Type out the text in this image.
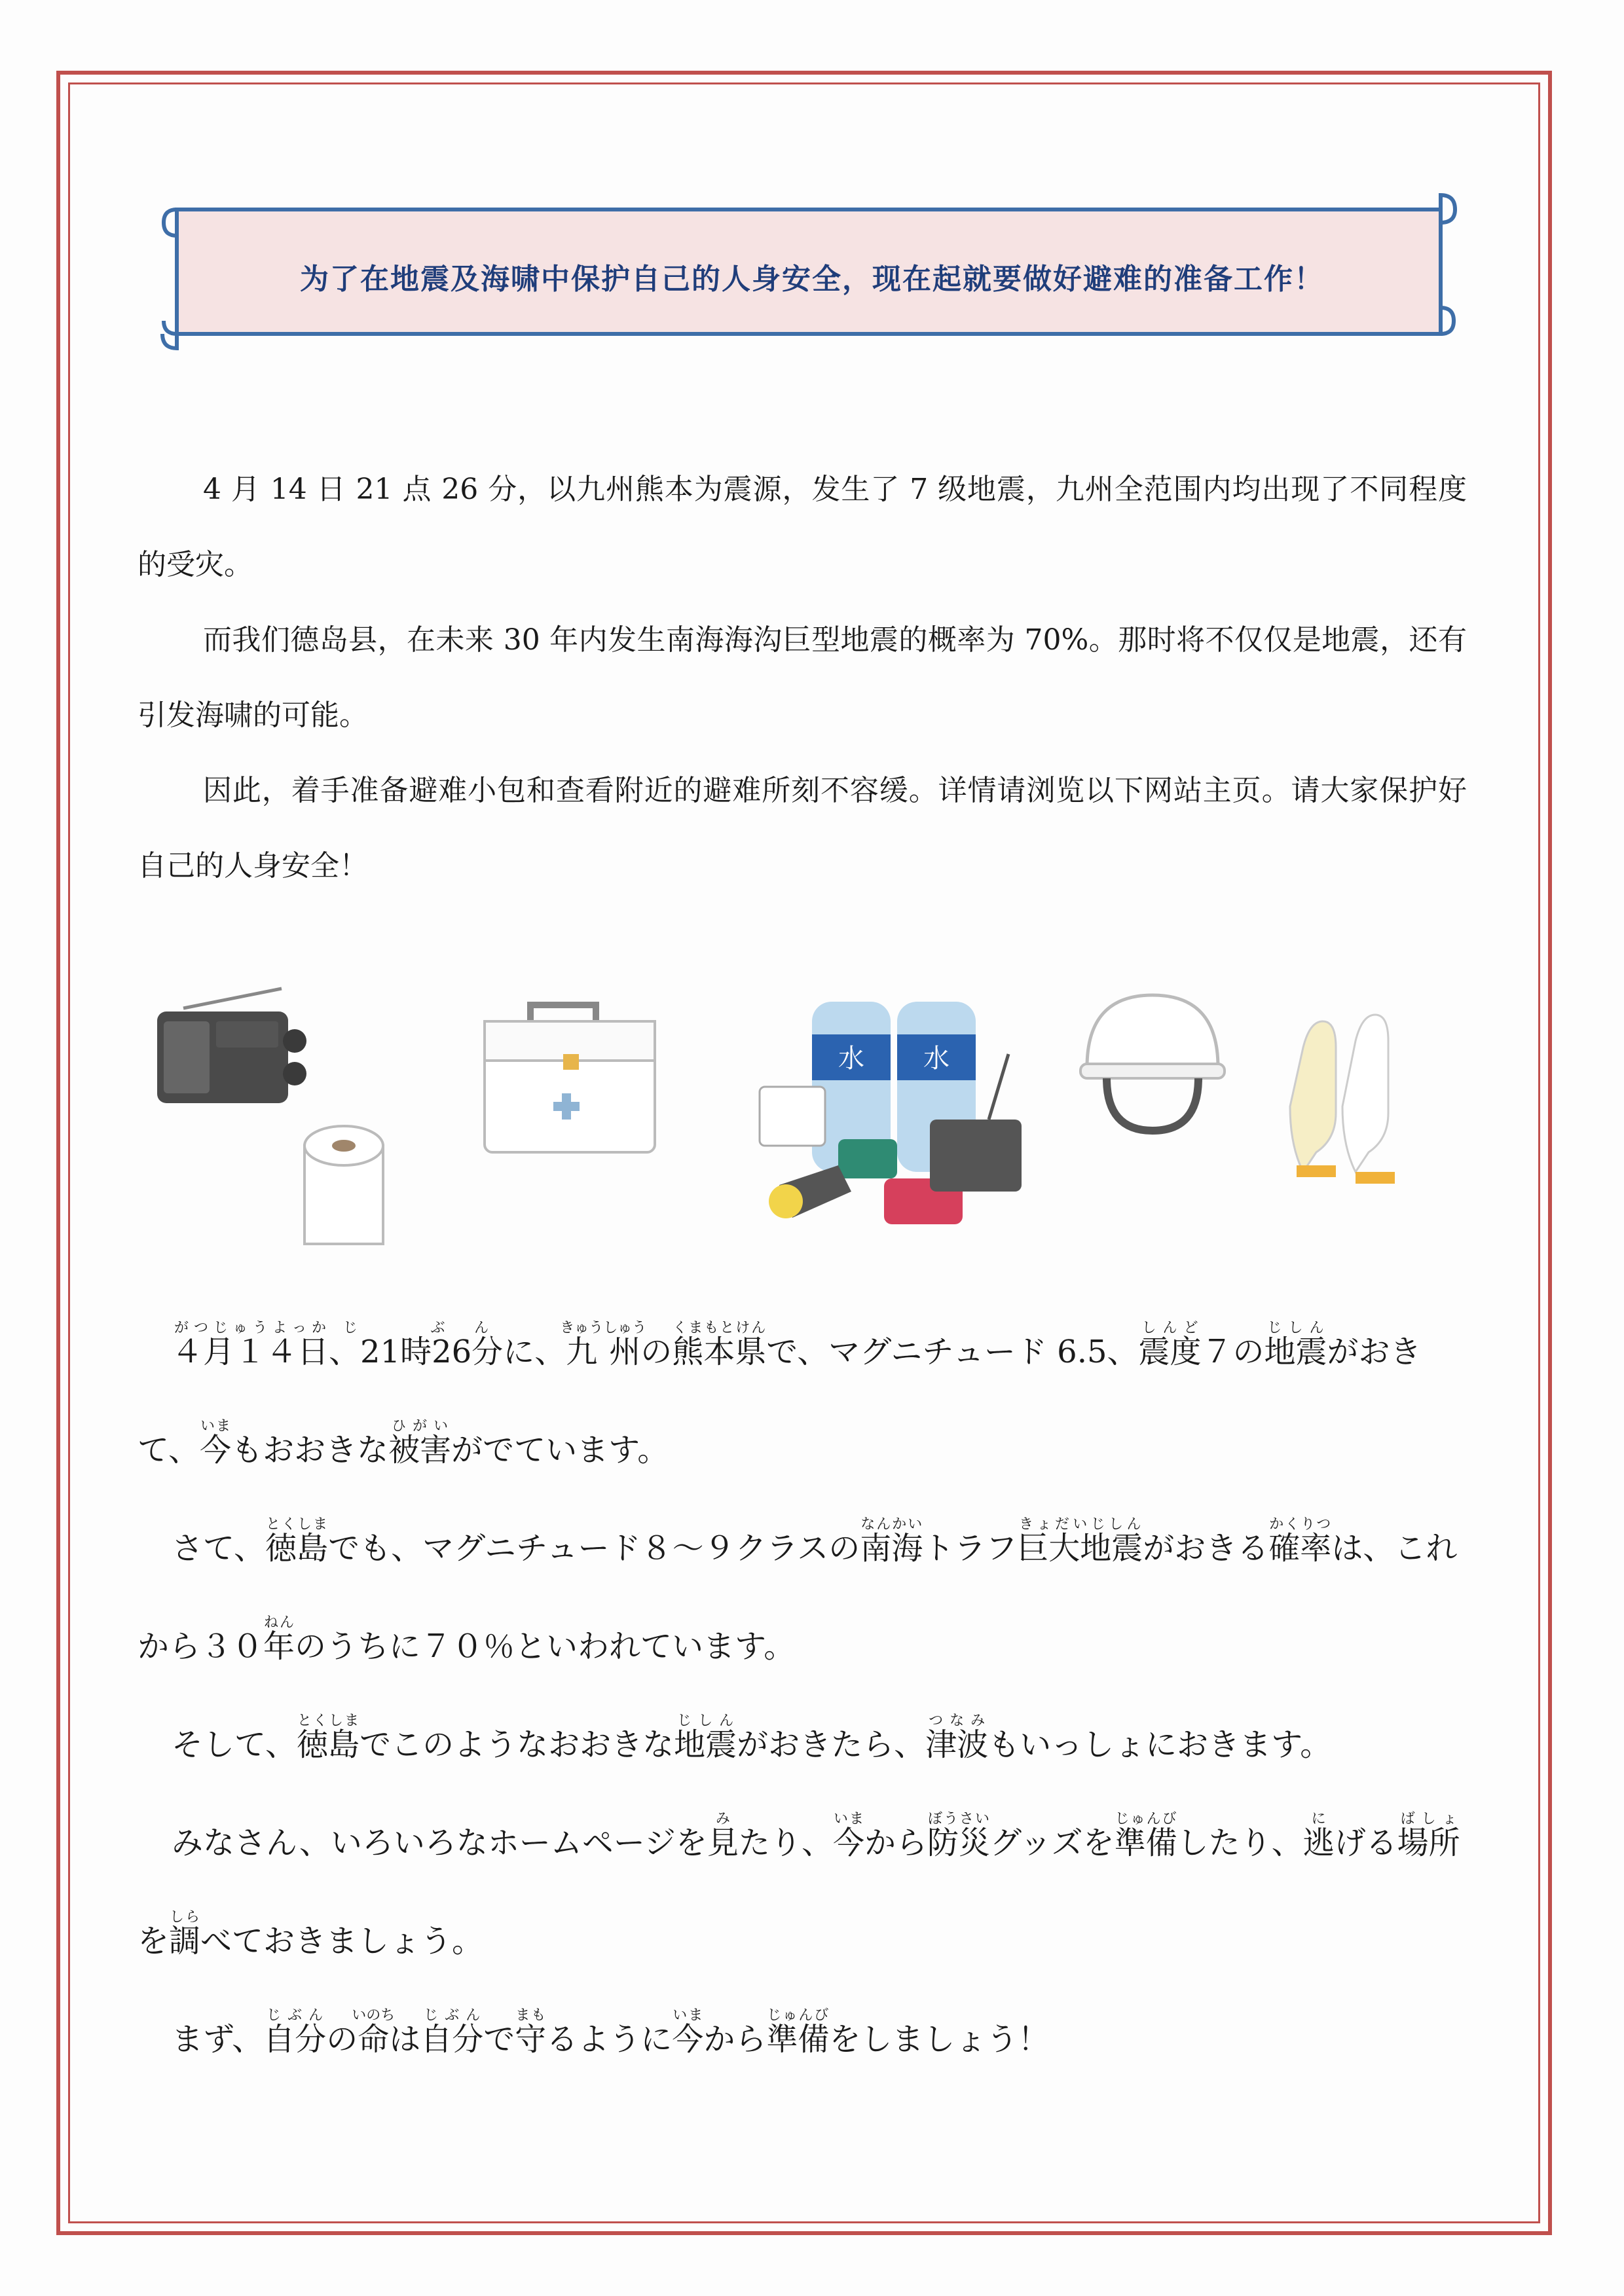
为了在地震及海啸中保护自己的人身安全，现在起就要做好避难的准备工作！

4 月 14 日 21 点 26 分，以九州熊本为震源，发生了 7 级地震，九州全范围内均出现了不同程度的受灾。

而我们德岛县，在未来 30 年内发生南海海沟巨型地震的概率为 70%。那时将不仅仅是地震，还有引发海啸的可能。

因此，着手准备避难小包和查看附近的避难所刻不容缓。详情请浏览以下网站主页。请大家保护好自己的人身安全！

水 水

４月１４日がつじゅうよっか、21時26分じ　ぶんに、九州きゅうしゅうの熊本県くまもとけんで、マグニチュード 6.5、震度しんど７の地震じしんがおきて、今いまもおおきな被害ひがいがでています。

さて、徳島とくしまでも、マグニチュード８～９クラスの南海なんかいトラフ巨大地震きょだいじしんがおきる確率かくりつは、これから３０年ねんのうちに７０％といわれています。

そして、徳島とくしまでこのようなおおきな地震じしんがおきたら、津波つなみもいっしょにおきます。

みなさん、いろいろなホームページを見みたり、今いまから防災ぼうさいグッズを準備じゅんびしたり、逃にげる場所ばしょを調しらべておきましょう。

まず、自分じぶんの命いのちは自分じぶんで守まもるように今いまから準備じゅんびをしましょう！
